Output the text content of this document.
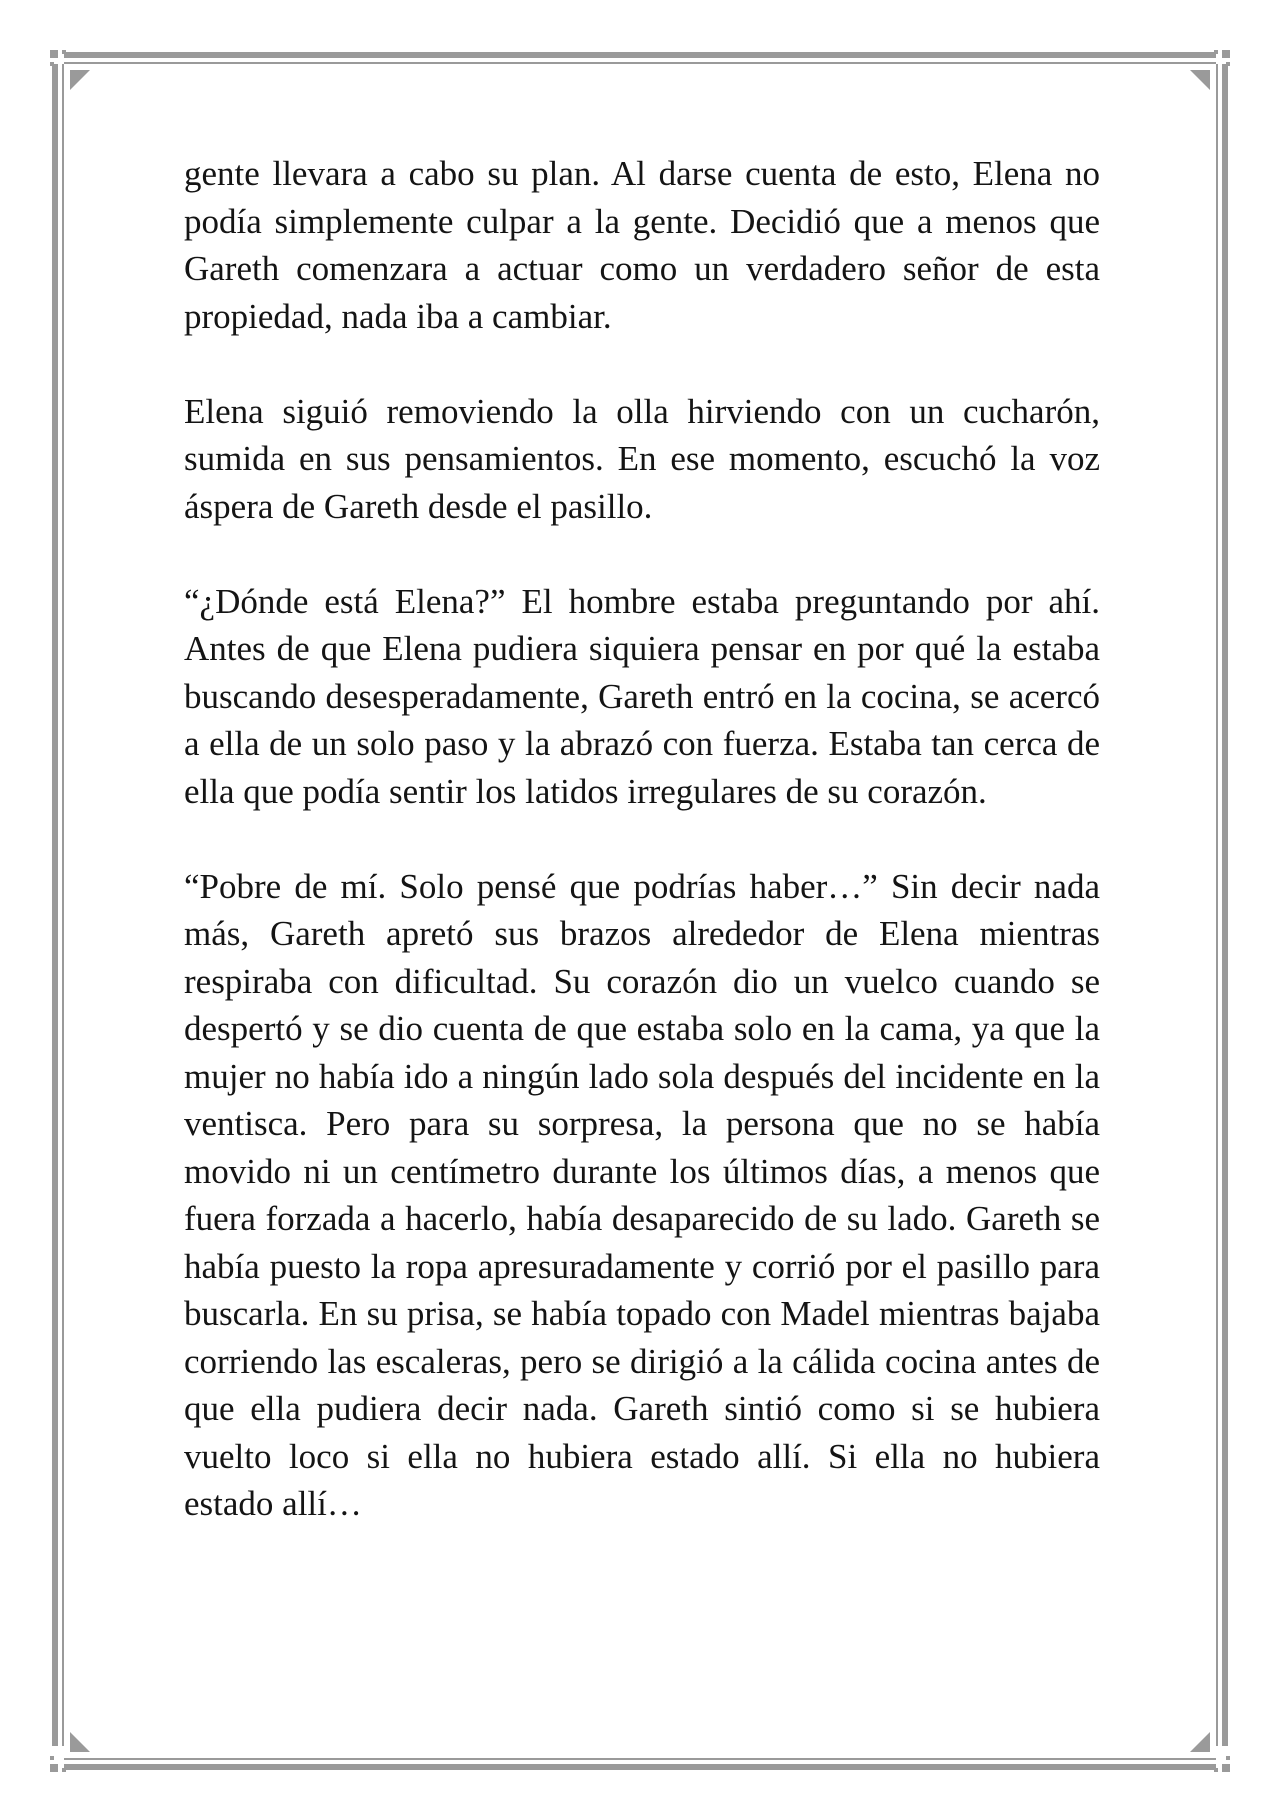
gente llevara a cabo su plan. Al darse cuenta de esto, Elena no podía simplemente culpar a la gente. Decidió que a menos que Gareth comenzara a actuar como un verdadero señor de esta propiedad, nada iba a cambiar.

Elena siguió removiendo la olla hirviendo con un cucharón, sumida en sus pensamientos. En ese momento, escuchó la voz áspera de Gareth desde el pasillo.

“¿Dónde está Elena?” El hombre estaba preguntando por ahí. Antes de que Elena pudiera siquiera pensar en por qué la estaba buscando desesperadamente, Gareth entró en la cocina, se acercó a ella de un solo paso y la abrazó con fuerza. Estaba tan cerca de ella que podía sentir los latidos irregulares de su corazón.

“Pobre de mí. Solo pensé que podrías haber…” Sin decir nada más, Gareth apretó sus brazos alrededor de Elena mientras respiraba con dificultad. Su corazón dio un vuelco cuando se despertó y se dio cuenta de que estaba solo en la cama, ya que la mujer no había ido a ningún lado sola después del incidente en la ventisca. Pero para su sorpresa, la persona que no se había movido ni un centímetro durante los últimos días, a menos que fuera forzada a hacerlo, había desaparecido de su lado. Gareth se había puesto la ropa apresuradamente y corrió por el pasillo para buscarla. En su prisa, se había topado con Madel mientras bajaba corriendo las escaleras, pero se dirigió a la cálida cocina antes de que ella pudiera decir nada. Gareth sintió como si se hubiera vuelto loco si ella no hubiera estado allí. Si ella no hubiera estado allí…
